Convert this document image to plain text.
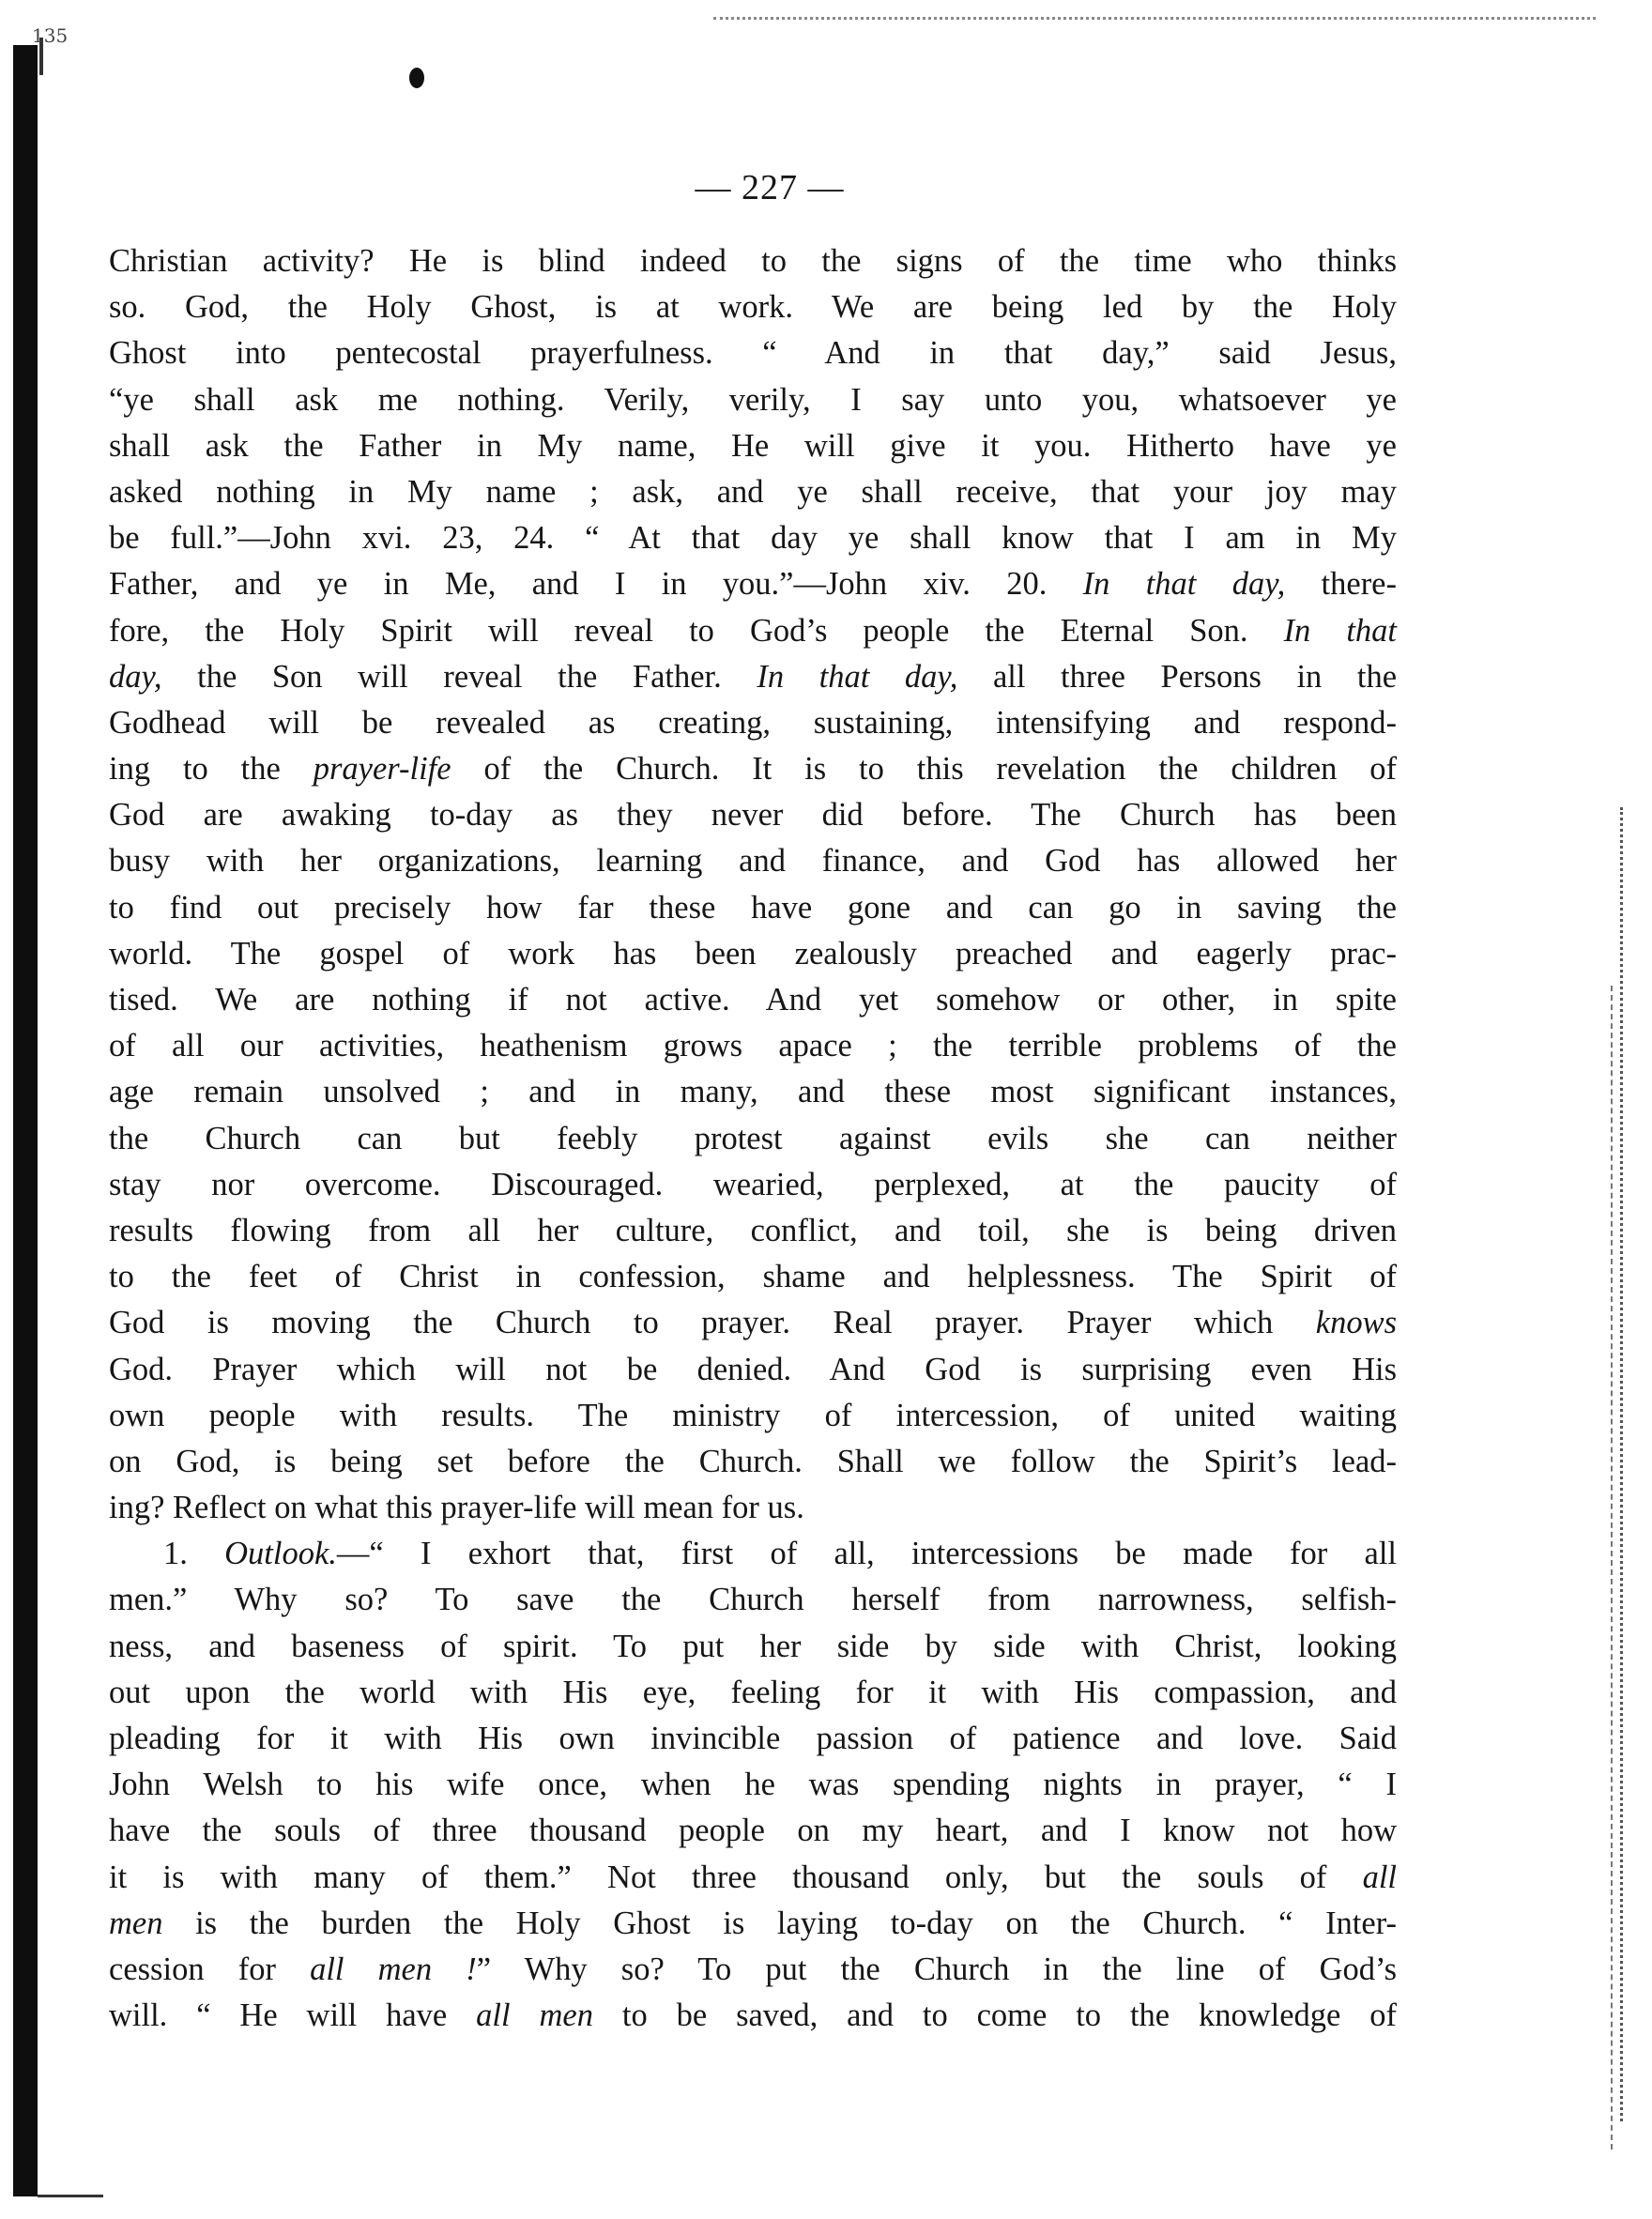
135
— 227 —
Christian activity? He is blind indeed to the signs of the time who thinks
so. God, the Holy Ghost, is at work. We are being led by the Holy
Ghost into pentecostal prayerfulness. “ And in that day,” said Jesus,
“ye shall ask me nothing. Verily, verily, I say unto you, whatsoever ye
shall ask the Father in My name, He will give it you. Hitherto have ye
asked nothing in My name ; ask, and ye shall receive, that your joy may
be full.”—John xvi. 23, 24. “ At that day ye shall know that I am in My
Father, and ye in Me, and I in you.”—John xiv. 20. In that day, there-
fore, the Holy Spirit will reveal to God’s people the Eternal Son. In that
day, the Son will reveal the Father. In that day, all three Persons in the
Godhead will be revealed as creating, sustaining, intensifying and respond-
ing to the prayer-life of the Church. It is to this revelation the children of
God are awaking to-day as they never did before. The Church has been
busy with her organizations, learning and finance, and God has allowed her
to find out precisely how far these have gone and can go in saving the
world. The gospel of work has been zealously preached and eagerly prac-
tised. We are nothing if not active. And yet somehow or other, in spite
of all our activities, heathenism grows apace ; the terrible problems of the
age remain unsolved ; and in many, and these most significant instances,
the Church can but feebly protest against evils she can neither
stay nor overcome. Discouraged. wearied, perplexed, at the paucity of
results flowing from all her culture, conflict, and toil, she is being driven
to the feet of Christ in confession, shame and helplessness. The Spirit of
God is moving the Church to prayer. Real prayer. Prayer which knows
God. Prayer which will not be denied. And God is surprising even His
own people with results. The ministry of intercession, of united waiting
on God, is being set before the Church. Shall we follow the Spirit’s lead-
ing? Reflect on what this prayer-life will mean for us.
1. Outlook.—“ I exhort that, first of all, intercessions be made for all
men.” Why so? To save the Church herself from narrowness, selfish-
ness, and baseness of spirit. To put her side by side with Christ, looking
out upon the world with His eye, feeling for it with His compassion, and
pleading for it with His own invincible passion of patience and love. Said
John Welsh to his wife once, when he was spending nights in prayer, “ I
have the souls of three thousand people on my heart, and I know not how
it is with many of them.” Not three thousand only, but the souls of all
men is the burden the Holy Ghost is laying to-day on the Church. “ Inter-
cession for all men !” Why so? To put the Church in the line of God’s
will. “ He will have all men to be saved, and to come to the knowledge of
